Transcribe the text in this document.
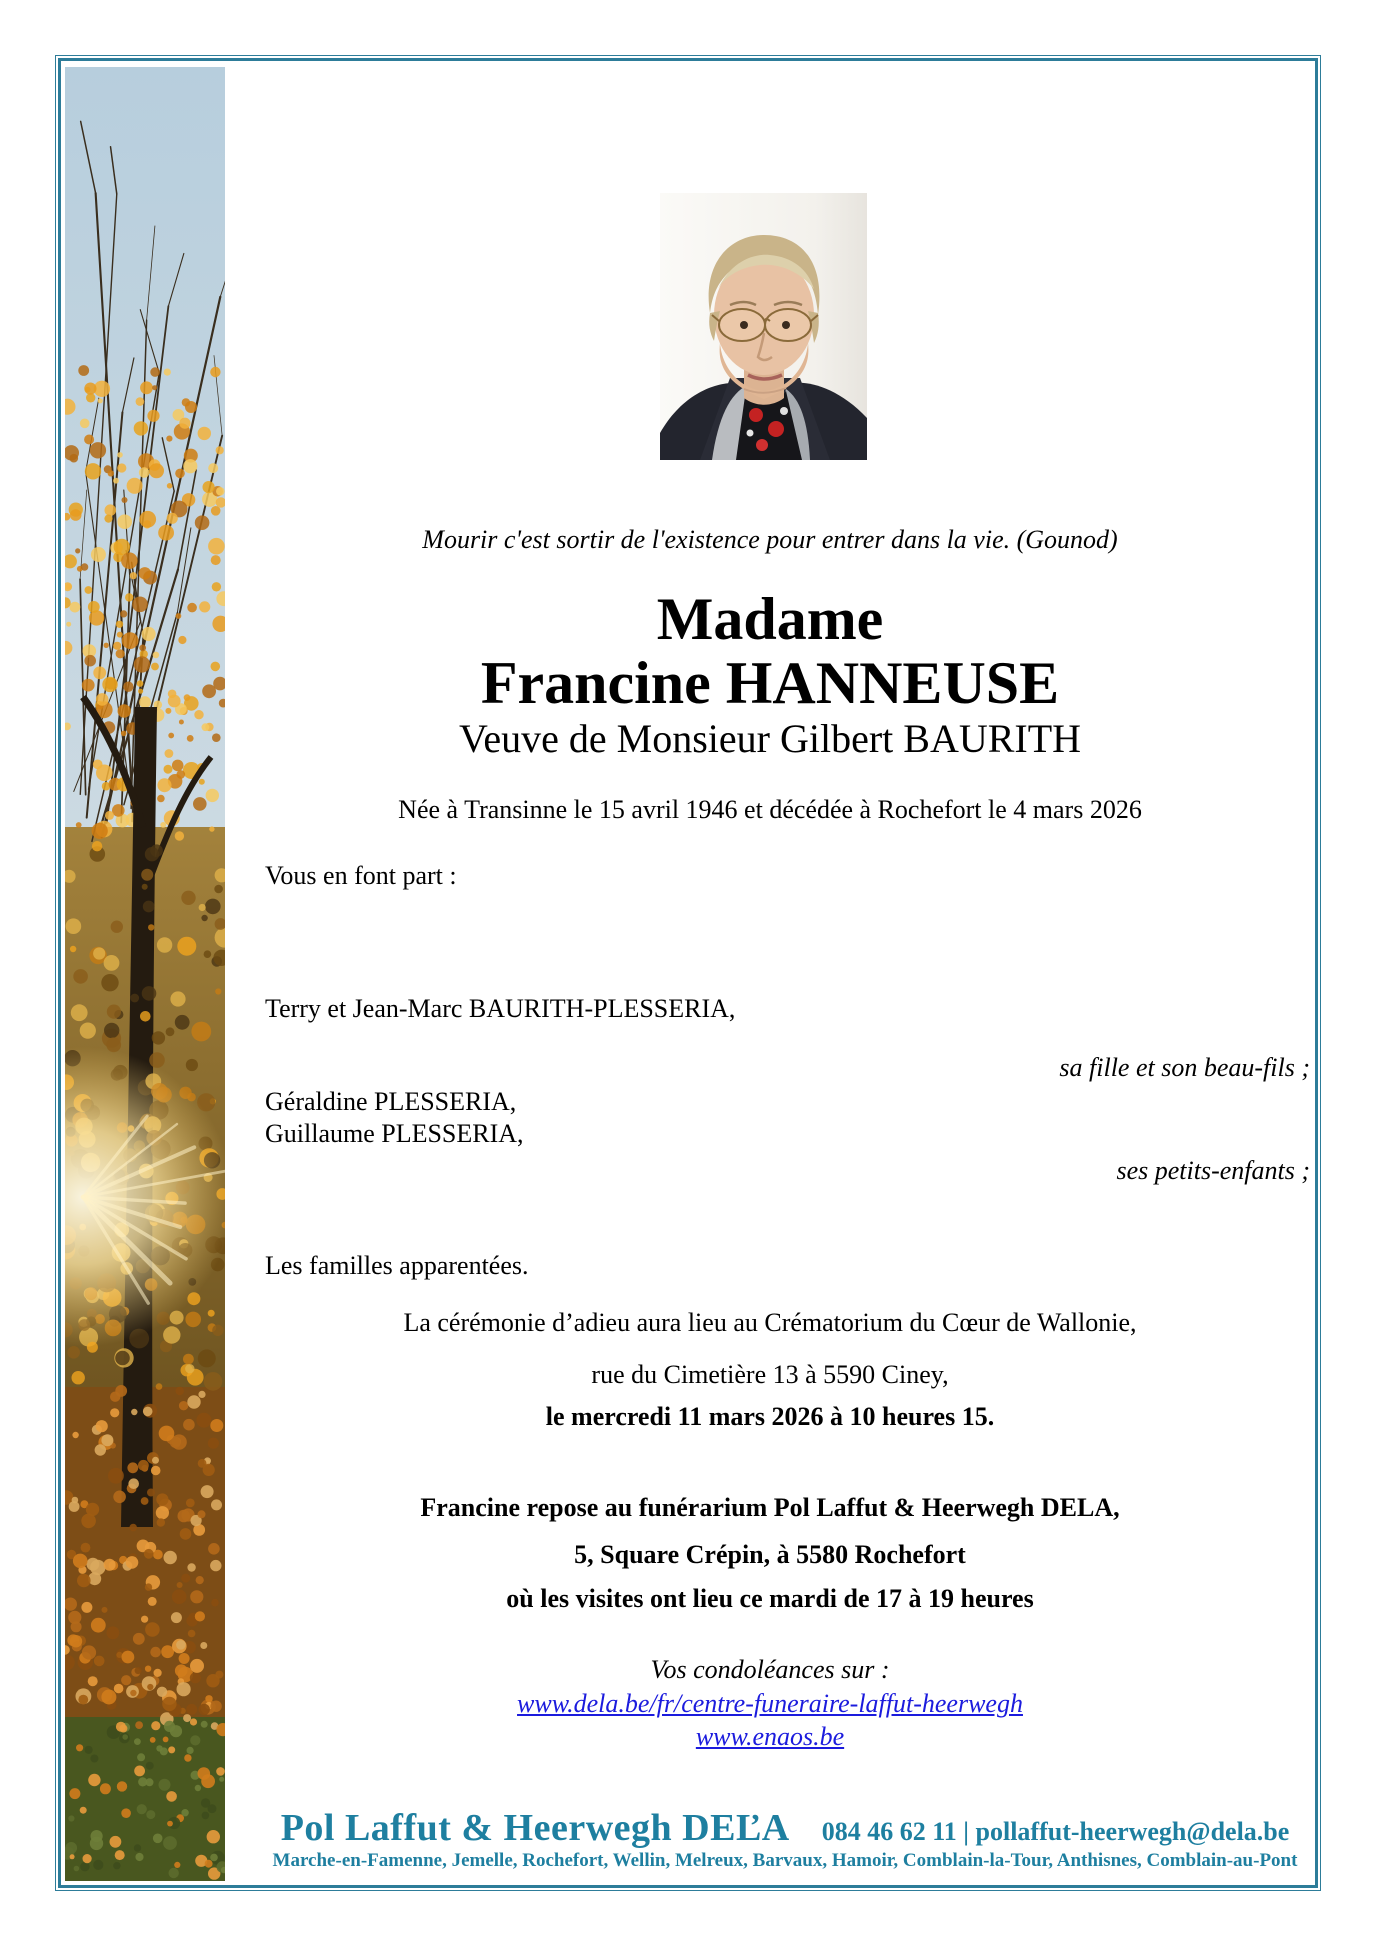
Mourir c'est sortir de l'existence pour entrer dans la vie. (Gounod)
Madame
Francine HANNEUSE
Veuve de Monsieur Gilbert BAURITH
Née à Transinne le 15 avril 1946 et décédée à Rochefort le 4 mars 2026
Vous en font part :
Terry et Jean-Marc BAURITH-PLESSERIA,
sa fille et son beau-fils ;
Géraldine PLESSERIA,
Guillaume PLESSERIA,
ses petits-enfants ;
Les familles apparentées.
La cérémonie d’adieu aura lieu au Crématorium du Cœur de Wallonie,
rue du Cimetière 13 à 5590 Ciney,
le mercredi 11 mars 2026 à 10 heures 15.
Francine repose au funérarium Pol Laffut & Heerwegh DELA,
5, Square Crépin, à 5580 Rochefort
où les visites ont lieu ce mardi de 17 à 19 heures
Vos condoléances sur :
www.dela.be/fr/centre-funeraire-laffut-heerwegh
www.enaos.be
Pol Laffut & Heerwegh DEĽA 084 46 62 11 | pollaffut-heerwegh@dela.be
Marche-en-Famenne, Jemelle, Rochefort, Wellin, Melreux, Barvaux, Hamoir, Comblain-la-Tour, Anthisnes, Comblain-au-Pont
